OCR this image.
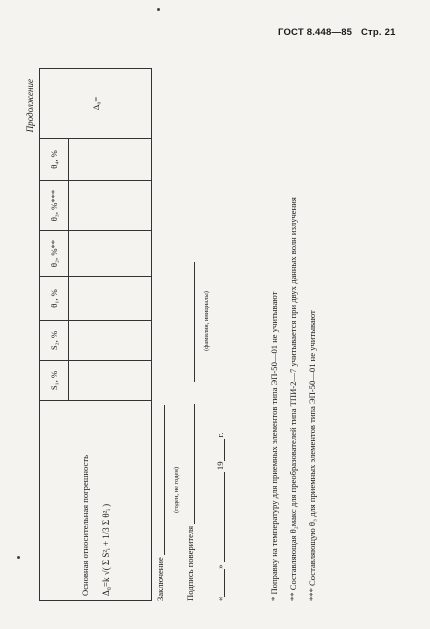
ГОСТ 8.448—85 Стр. 21
Продолжение
Основная относительная погрешность Δ₀=k √( Σ S²ᵢ + 1/3 Σ θ²ᵢ )	S₁, %	S₂, %	θ₁, %	θ₂, %**	θ₃, %***	θ₄, %	Δ₀=

Заключение
(годен, не годен)
Подпись поверителя
(фамилия, инициалы)
«»  19 г.	* Поправку на температуру для приемных элементов типа ЭП-50—01 не учитывают	** Составляющая θ₂макс для преобразователей типа ТПИ-2—7 учитывается при двух данных волн излучения	*** Составляющую θ₃ для приемных элементов типа ЭП-50—01 не учитывают
